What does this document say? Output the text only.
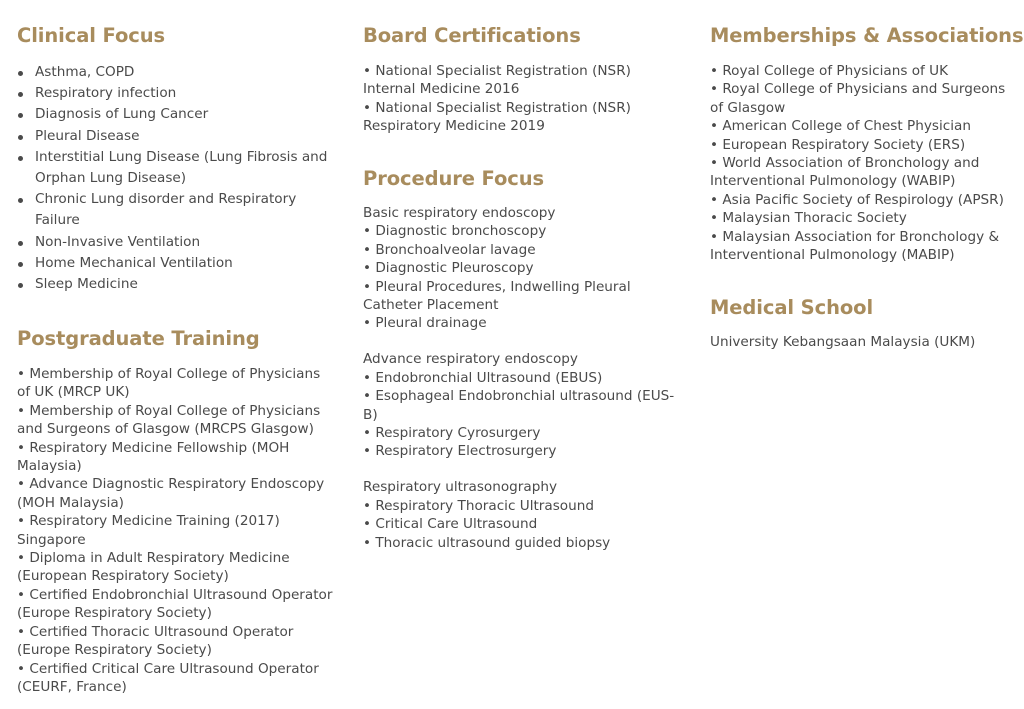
Clinical Focus
Asthma, COPD
Respiratory infection
Diagnosis of Lung Cancer
Pleural Disease
Interstitial Lung Disease (Lung Fibrosis and Orphan Lung Disease)
Chronic Lung disorder and Respiratory Failure
Non-Invasive Ventilation
Home Mechanical Ventilation
Sleep Medicine
Postgraduate Training
• Membership of Royal College of Physicians of UK (MRCP UK)
• Membership of Royal College of Physicians and Surgeons of Glasgow (MRCPS Glasgow)
• Respiratory Medicine Fellowship (MOH Malaysia)
• Advance Diagnostic Respiratory Endoscopy (MOH Malaysia)
• Respiratory Medicine Training (2017) Singapore
• Diploma in Adult Respiratory Medicine (European Respiratory Society)
• Certified Endobronchial Ultrasound Operator (Europe Respiratory Society)
• Certified Thoracic Ultrasound Operator (Europe Respiratory Society)
• Certified Critical Care Ultrasound Operator (CEURF, France)
Board Certifications
• National Specialist Registration (NSR) Internal Medicine 2016
• National Specialist Registration (NSR) Respiratory Medicine 2019
Procedure Focus
Basic respiratory endoscopy
• Diagnostic bronchoscopy
• Bronchoalveolar lavage
• Diagnostic Pleuroscopy
• Pleural Procedures, Indwelling Pleural Catheter Placement
• Pleural drainage
Advance respiratory endoscopy
• Endobronchial Ultrasound (EBUS)
• Esophageal Endobronchial ultrasound (EUS-B)
• Respiratory Cyrosurgery
• Respiratory Electrosurgery
Respiratory ultrasonography
• Respiratory Thoracic Ultrasound
• Critical Care Ultrasound
• Thoracic ultrasound guided biopsy
Memberships & Associations
• Royal College of Physicians of UK
• Royal College of Physicians and Surgeons of Glasgow
• American College of Chest Physician
• European Respiratory Society (ERS)
• World Association of Bronchology and Interventional Pulmonology (WABIP)
• Asia Pacific Society of Respirology (APSR)
• Malaysian Thoracic Society
• Malaysian Association for Bronchology & Interventional Pulmonology (MABIP)
Medical School
University Kebangsaan Malaysia (UKM)
